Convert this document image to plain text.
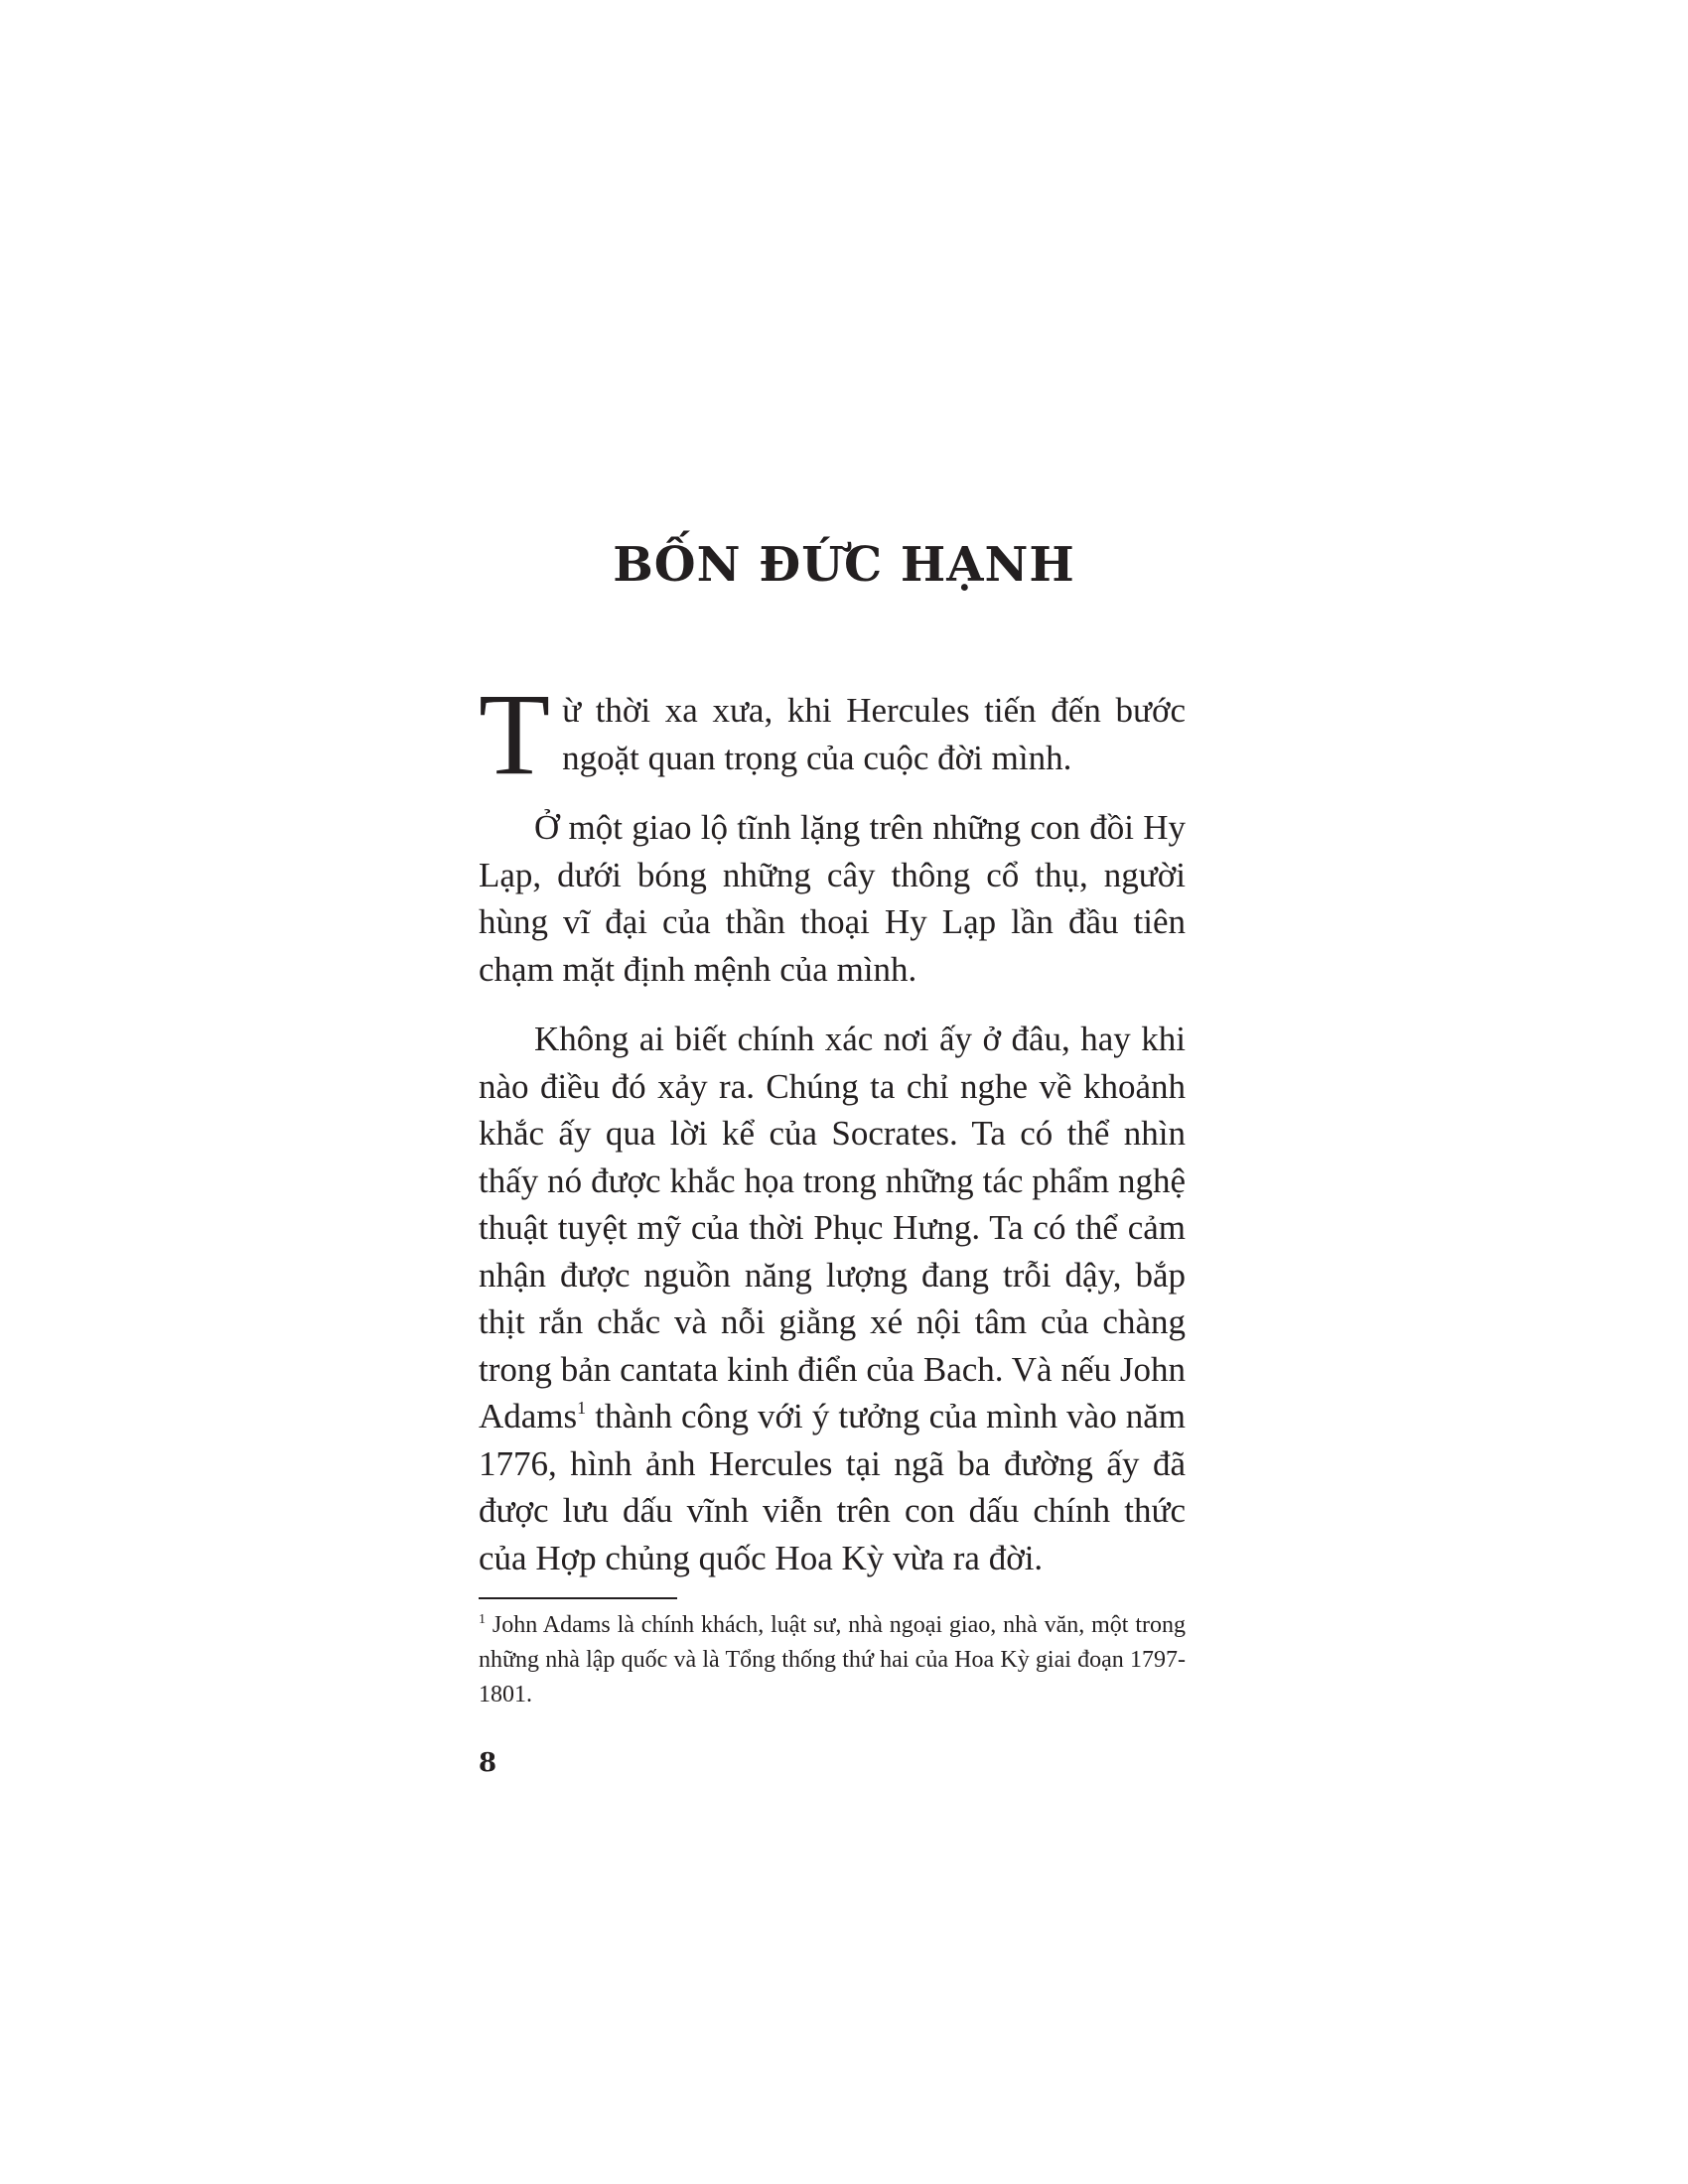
BỐN ĐỨC HẠNH

Từ thời xa xưa, khi Hercules tiến đến bước ngoặt quan trọng của cuộc đời mình.

Ở một giao lộ tĩnh lặng trên những con đồi Hy Lạp, dưới bóng những cây thông cổ thụ, người hùng vĩ đại của thần thoại Hy Lạp lần đầu tiên chạm mặt định mệnh của mình.

Không ai biết chính xác nơi ấy ở đâu, hay khi nào điều đó xảy ra. Chúng ta chỉ nghe về khoảnh khắc ấy qua lời kể của Socrates. Ta có thể nhìn thấy nó được khắc họa trong những tác phẩm nghệ thuật tuyệt mỹ của thời Phục Hưng. Ta có thể cảm nhận được nguồn năng lượng đang trỗi dậy, bắp thịt rắn chắc và nỗi giằng xé nội tâm của chàng trong bản cantata kinh điển của Bach. Và nếu John Adams$^1$ thành công với ý tưởng của mình vào năm 1776, hình ảnh Hercules tại ngã ba đường ấy đã được lưu dấu vĩnh viễn trên con dấu chính thức của Hợp chủng quốc Hoa Kỳ vừa ra đời.

$^1$ John Adams là chính khách, luật sư, nhà ngoại giao, nhà văn, một trong những nhà lập quốc và là Tổng thống thứ hai của Hoa Kỳ giai đoạn 1797-1801.

8
